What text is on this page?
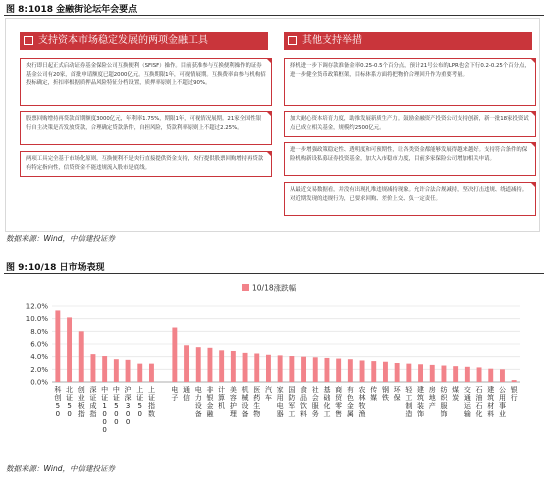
图 8:1018 金融街论坛年会要点
支持资本市场稳定发展的两项金融工具	其他支持举措
央行即日起正式启动证券基金保险公司互换便利（SFISF）操作。目前获准参与互换便利操作的证券基金公司有20家，首批申请额度已超2000亿元。互换期限1年，可视情展期。互换费率由参与机构招投标确定，折扣率根据质押品风险特征分档设置，质押率原则上不超过90%。
股票回购增持再贷款首期额度3000亿元，年利率1.75%，期限1年，可视情况展期。21家全国性银行自主决策是否发放贷款，合理确定贷款条件，自担风险，贷款利率原则上不超过2.25%。
两项工具完全基于市场化原则，互换便利不是央行直接提供资金支持，央行提供股票回购增持再贷款有特定指向性，信贷资金不能违规流入股市是底线。
择机进一步下调存款准备金率0.25-0.5个百分点，预计21号公布的LPR也会下行0.2-0.25个百分点，进一步健全货币政策框架，目标体系方面将把物价合理回升作为重要考量。
加大耐心资本培育力度，助推发展新质生产力。鼓励金融资产投资公司支持创新，新一批18家投资试点已成立相关基金，规模约2500亿元。
进一步增强政策稳定性、透明度和可预期性，让各类资金都能够发展得越来越好。支持符合条件的保险机构新设私募证券投资基金，加大入市稳市力度，目前多家保险公司增加相关申请。
从最近交易数据看，并没有出现扎堆违规减持现象。允许合法合规减持，坚决打击违规、绕道减持。对近期发现的违规行为，已要求回购、差价上交、负一定责任。
数据来源：Wind，中信建投证券
图 9:10/18 日市场表现
0.0%
2.0%
4.0%
6.0%
8.0%
10.0%
12.0%
10/18涨跌幅
科创 5 0
北证 5 0
创业板指
深证成指
中证 1 0 0 0
中证 5 0 0
沪深 3 0 0
上证 5 0
上证指数
电子
通信
电力设备
非银金融
计算机
美容护理
机械设备
医药生物
汽车
家用电器
国防军工
食品饮料
社会服务
基础化工
商贸零售
有色金属
农林牧渔
传媒
钢铁
环保
轻工制造
建筑装饰
房地产
纺织服饰
煤炭
交通运输
石油石化
建筑材料
公用事业
银行
数据来源：Wind，中信建投证券
